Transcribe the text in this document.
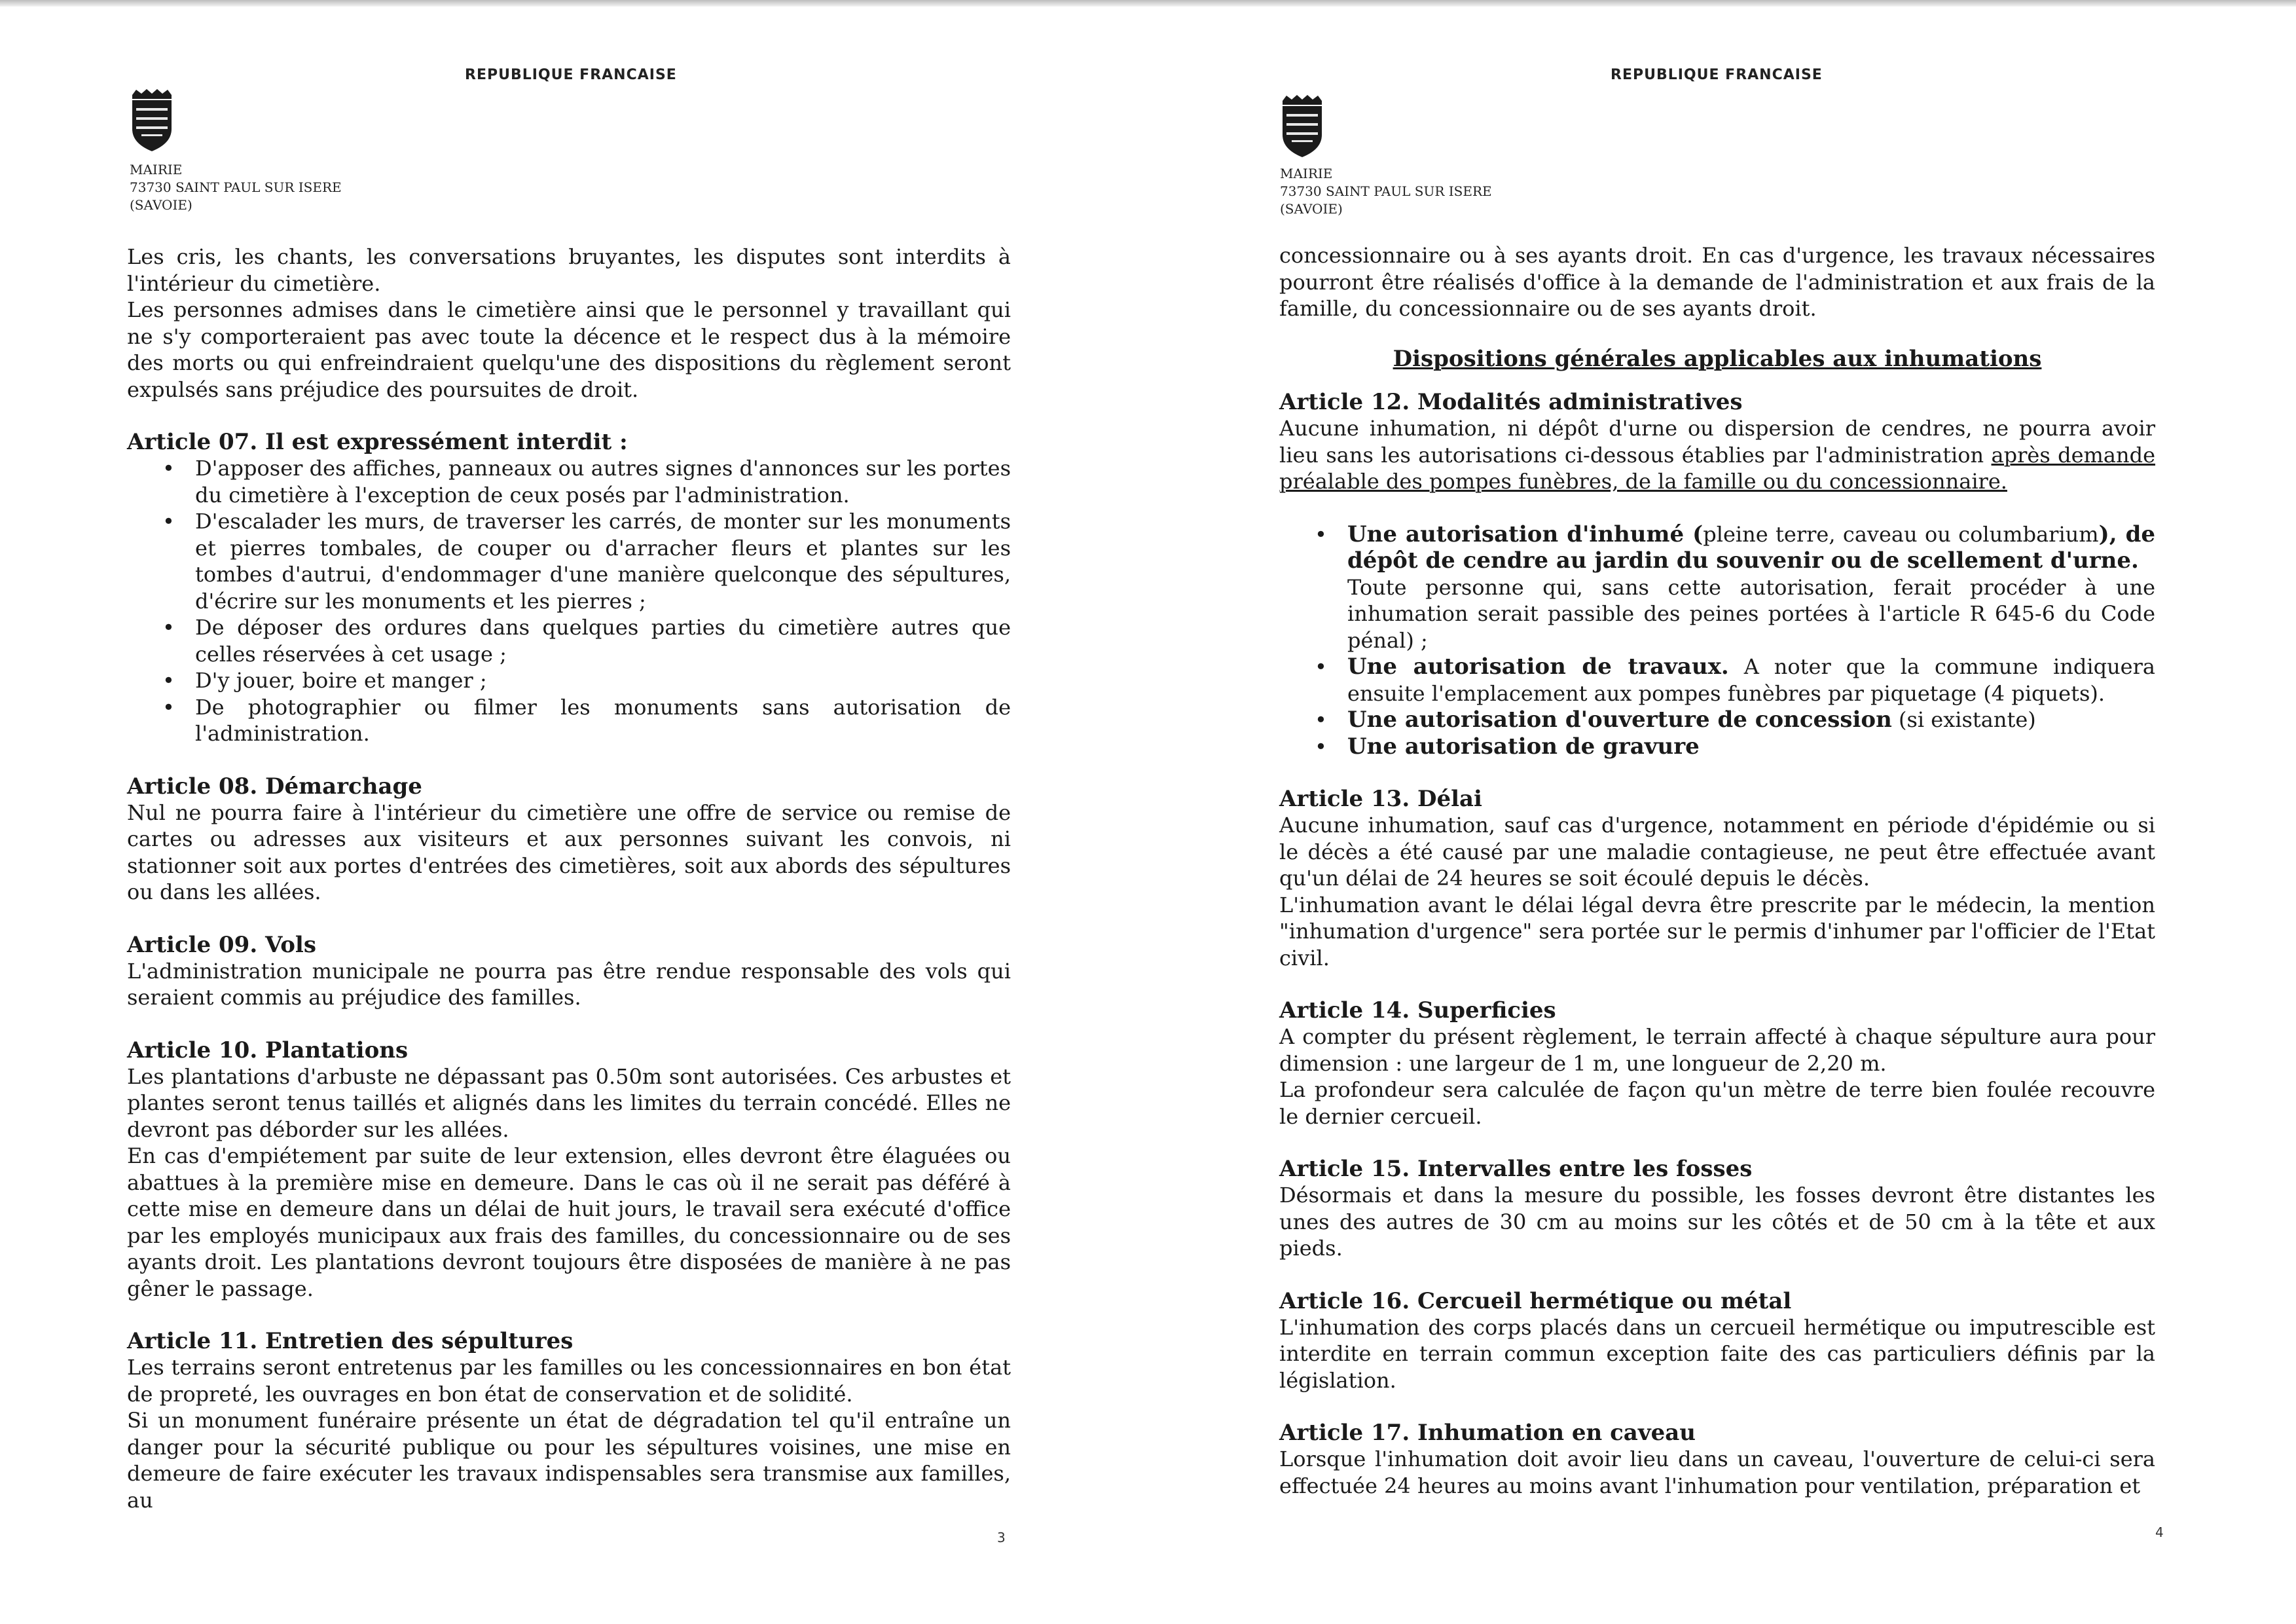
REPUBLIQUE FRANCAISE
MAIRIE
73730 SAINT PAUL SUR ISERE
(SAVOIE)

Les cris, les chants, les conversations bruyantes, les disputes sont interdits à l'intérieur du cimetière.

Les personnes admises dans le cimetière ainsi que le personnel y travaillant qui ne s'y comporteraient pas avec toute la décence et le respect dus à la mémoire des morts ou qui enfreindraient quelqu'une des dispositions du règlement seront expulsés sans préjudice des poursuites de droit.

Article 07. Il est expressément interdit :
• D'apposer des affiches, panneaux ou autres signes d'annonces sur les portes du cimetière à l'exception de ceux posés par l'administration.
• D'escalader les murs, de traverser les carrés, de monter sur les monuments et pierres tombales, de couper ou d'arracher fleurs et plantes sur les tombes d'autrui, d'endommager d'une manière quelconque des sépultures, d'écrire sur les monuments et les pierres ;
• De déposer des ordures dans quelques parties du cimetière autres que celles réservées à cet usage ;
• D'y jouer, boire et manger ;
• De photographier ou filmer les monuments sans autorisation de l'administration.
Article 08. Démarchage

Nul ne pourra faire à l'intérieur du cimetière une offre de service ou remise de cartes ou adresses aux visiteurs et aux personnes suivant les convois, ni stationner soit aux portes d'entrées des cimetières, soit aux abords des sépultures ou dans les allées.

Article 09. Vols

L'administration municipale ne pourra pas être rendue responsable des vols qui seraient commis au préjudice des familles.

Article 10. Plantations

Les plantations d'arbuste ne dépassant pas 0.50m sont autorisées. Ces arbustes et plantes seront tenus taillés et alignés dans les limites du terrain concédé. Elles ne devront pas déborder sur les allées.

En cas d'empiétement par suite de leur extension, elles devront être élaguées ou abattues à la première mise en demeure. Dans le cas où il ne serait pas déféré à cette mise en demeure dans un délai de huit jours, le travail sera exécuté d'office par les employés municipaux aux frais des familles, du concessionnaire ou de ses ayants droit. Les plantations devront toujours être disposées de manière à ne pas gêner le passage.

Article 11. Entretien des sépultures

Les terrains seront entretenus par les familles ou les concessionnaires en bon état de propreté, les ouvrages en bon état de conservation et de solidité.

Si un monument funéraire présente un état de dégradation tel qu'il entraîne un danger pour la sécurité publique ou pour les sépultures voisines, une mise en demeure de faire exécuter les travaux indispensables sera transmise aux familles, au

3
REPUBLIQUE FRANCAISE
MAIRIE
73730 SAINT PAUL SUR ISERE
(SAVOIE)

concessionnaire ou à ses ayants droit. En cas d'urgence, les travaux nécessaires pourront être réalisés d'office à la demande de l'administration et aux frais de la famille, du concessionnaire ou de ses ayants droit.

Dispositions générales applicables aux inhumations
Article 12. Modalités administratives

Aucune inhumation, ni dépôt d'urne ou dispersion de cendres, ne pourra avoir lieu sans les autorisations ci-dessous établies par l'administration après demande préalable des pompes funèbres, de la famille ou du concessionnaire.

• Une autorisation d'inhumé (pleine terre, caveau ou columbarium), de dépôt de cendre au jardin du souvenir ou de scellement d'urne.
Toute personne qui, sans cette autorisation, ferait procéder à une inhumation serait passible des peines portées à l'article R 645-6 du Code pénal) ;
• Une autorisation de travaux. A noter que la commune indiquera ensuite l'emplacement aux pompes funèbres par piquetage (4 piquets).
• Une autorisation d'ouverture de concession (si existante)
• Une autorisation de gravure
Article 13. Délai

Aucune inhumation, sauf cas d'urgence, notamment en période d'épidémie ou si le décès a été causé par une maladie contagieuse, ne peut être effectuée avant qu'un délai de 24 heures se soit écoulé depuis le décès.

L'inhumation avant le délai légal devra être prescrite par le médecin, la mention "inhumation d'urgence" sera portée sur le permis d'inhumer par l'officier de l'Etat civil.

Article 14. Superficies

A compter du présent règlement, le terrain affecté à chaque sépulture aura pour dimension : une largeur de 1 m, une longueur de 2,20 m.

La profondeur sera calculée de façon qu'un mètre de terre bien foulée recouvre le dernier cercueil.

Article 15. Intervalles entre les fosses

Désormais et dans la mesure du possible, les fosses devront être distantes les unes des autres de 30 cm au moins sur les côtés et de 50 cm à la tête et aux pieds.

Article 16. Cercueil hermétique ou métal

L'inhumation des corps placés dans un cercueil hermétique ou imputrescible est interdite en terrain commun exception faite des cas particuliers définis par la législation.

Article 17. Inhumation en caveau

Lorsque l'inhumation doit avoir lieu dans un caveau, l'ouverture de celui-ci sera effectuée 24 heures au moins avant l'inhumation pour ventilation, préparation et

4
